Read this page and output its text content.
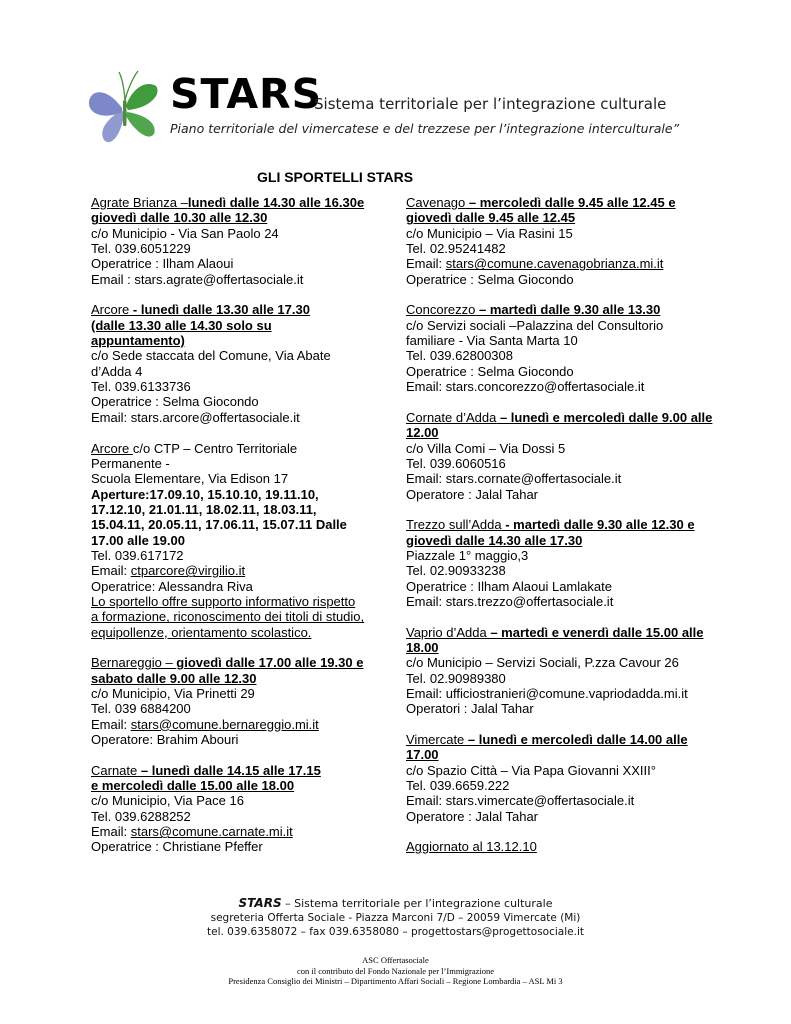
STARS
Sistema territoriale per l’integrazione culturale
Piano territoriale del vimercatese e del trezzese per l’integrazione interculturale”
GLI SPORTELLI STARS
Agrate Brianza –lunedì dalle 14.30 alle 16.30e
giovedì dalle 10.30 alle 12.30
c/o Municipio - Via San Paolo 24
Tel. 039.6051229
Operatrice : Ilham Alaoui
Email : stars.agrate@offertasociale.it
Arcore - lunedì dalle 13.30 alle 17.30
(dalle 13.30 alle 14.30 solo su
appuntamento)
c/o Sede staccata del Comune, Via Abate
d’Adda 4
Tel. 039.6133736
Operatrice : Selma Giocondo
Email: stars.arcore@offertasociale.it
Arcore c/o CTP – Centro Territoriale
Permanente -
Scuola Elementare, Via Edison 17
Aperture:17.09.10, 15.10.10, 19.11.10,
17.12.10, 21.01.11, 18.02.11, 18.03.11,
15.04.11, 20.05.11, 17.06.11, 15.07.11 Dalle
17.00 alle 19.00
Tel. 039.617172
Email: ctparcore@virgilio.it
Operatrice: Alessandra Riva
Lo sportello offre supporto informativo rispetto
a formazione, riconoscimento dei titoli di studio,
equipollenze, orientamento scolastico.
Bernareggio – giovedì dalle 17.00 alle 19.30 e
sabato dalle 9.00 alle 12.30
c/o Municipio, Via Prinetti 29
Tel. 039 6884200
Email: stars@comune.bernareggio.mi.it
Operatore: Brahim Abouri
Carnate – lunedì dalle 14.15 alle 17.15
e mercoledì dalle 15.00 alle 18.00
c/o Municipio, Via Pace 16
Tel. 039.6288252
Email: stars@comune.carnate.mi.it
Operatrice : Christiane Pfeffer
Cavenago – mercoledì dalle 9.45 alle 12.45 e
giovedì dalle 9.45 alle 12.45
c/o Municipio – Via Rasini 15
Tel. 02.95241482
Email: stars@comune.cavenagobrianza.mi.it
Operatrice : Selma Giocondo
Concorezzo – martedì dalle 9.30 alle 13.30
c/o Servizi sociali –Palazzina del Consultorio
familiare - Via Santa Marta 10
Tel. 039.62800308
Operatrice : Selma Giocondo
Email: stars.concorezzo@offertasociale.it
Cornate d’Adda – lunedì e mercoledì dalle 9.00 alle
12.00
c/o Villa Comi – Via Dossi 5
Tel. 039.6060516
Email: stars.cornate@offertasociale.it
Operatore : Jalal Tahar
Trezzo sull’Adda - martedì dalle 9.30 alle 12.30 e
giovedì dalle 14.30 alle 17.30
Piazzale 1° maggio,3
Tel. 02.90933238
Operatrice : Ilham Alaoui Lamlakate
Email: stars.trezzo@offertasociale.it
Vaprio d’Adda – martedì e venerdì dalle 15.00 alle
18.00
c/o Municipio – Servizi Sociali, P.zza Cavour 26
Tel. 02.90989380
Email: ufficiostranieri@comune.vapriodadda.mi.it
Operatori : Jalal Tahar
Vimercate – lunedì e mercoledì dalle 14.00 alle
17.00
c/o Spazio Città – Via Papa Giovanni XXIII°
Tel. 039.6659.222
Email: stars.vimercate@offertasociale.it
Operatore : Jalal Tahar
Aggiornato al 13.12.10
STARS – Sistema territoriale per l’integrazione culturale
segreteria Offerta Sociale - Piazza Marconi 7/D – 20059 Vimercate (Mi)
tel. 039.6358072 – fax 039.6358080 – progettostars@progettosociale.it
ASC Offertasociale
con il contributo del Fondo Nazionale per l’Immigrazione
Presidenza Consiglio dei Ministri – Dipartimento Affari Sociali – Regione Lombardia – ASL Mi 3
